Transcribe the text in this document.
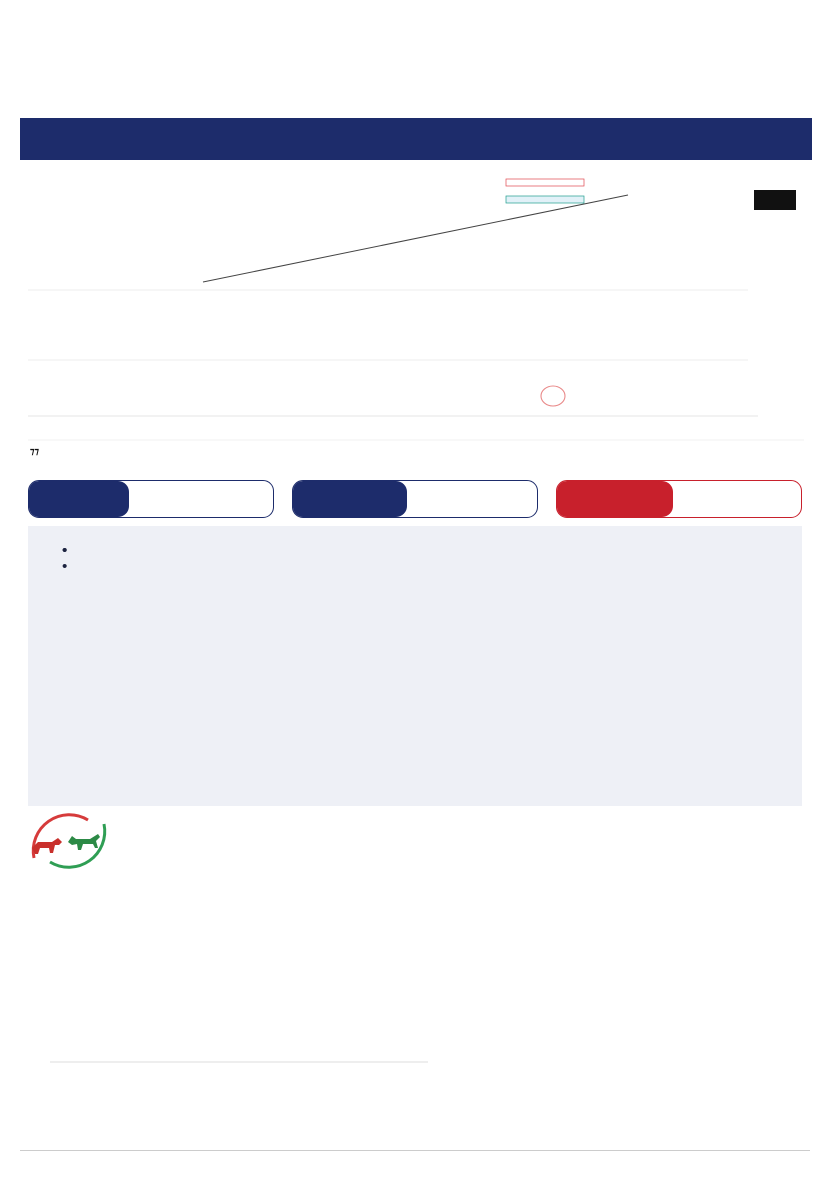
⁊⁊
